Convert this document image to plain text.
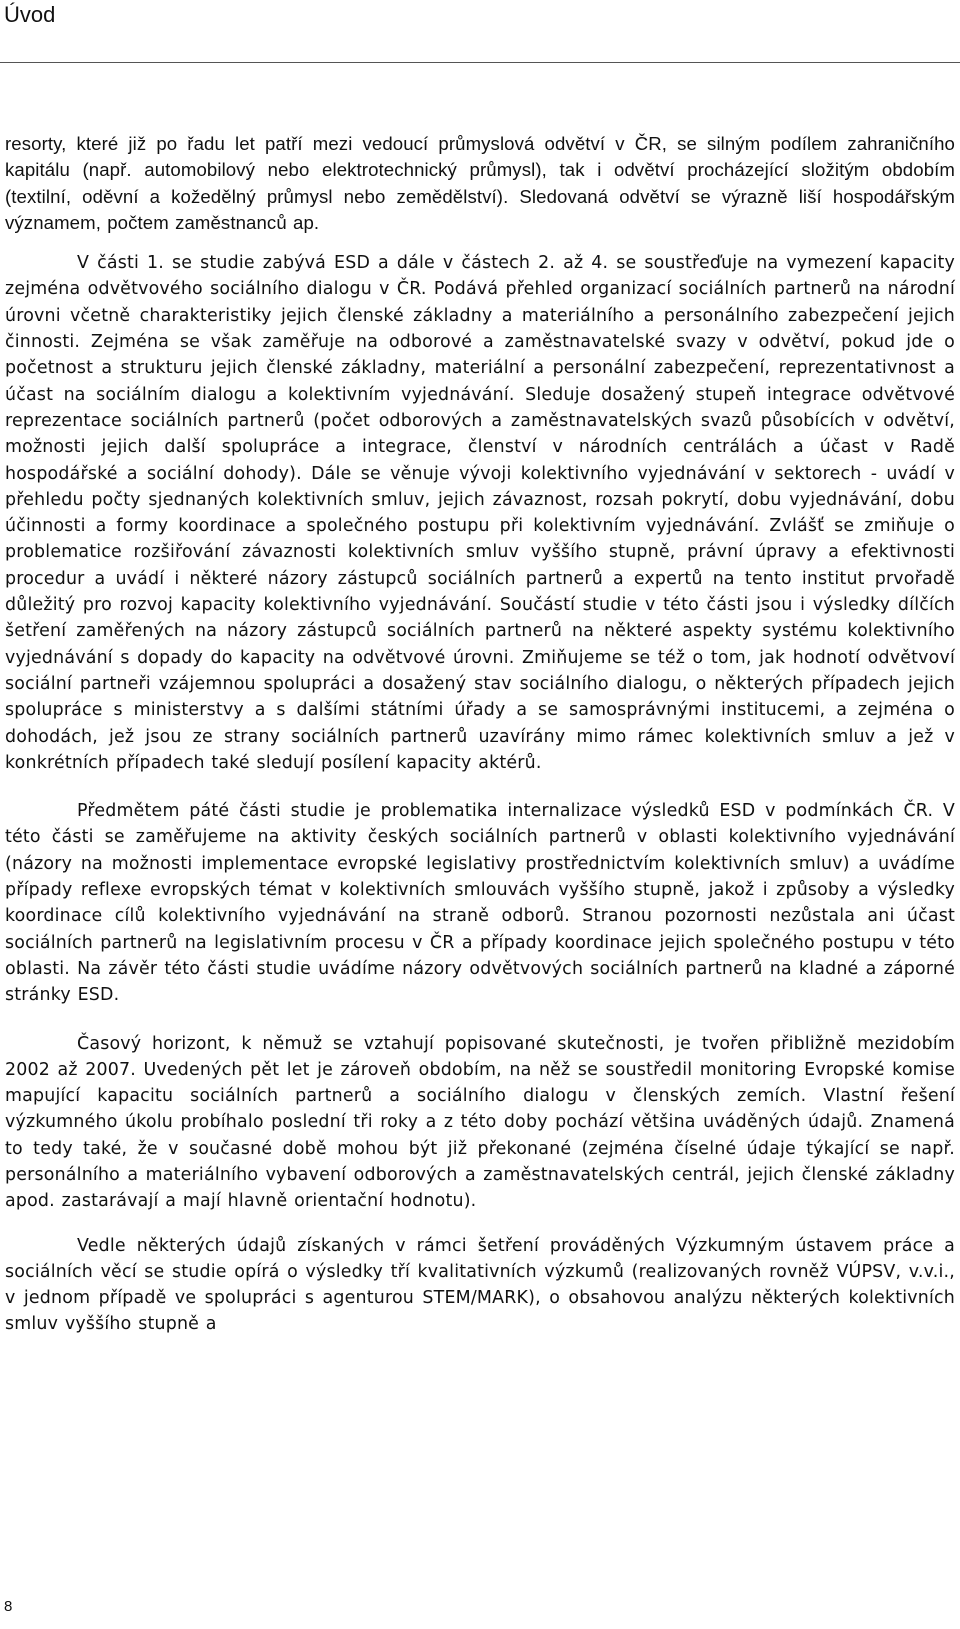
Úvod

resorty, které již po řadu let patří mezi vedoucí průmyslová odvětví v ČR, se silným podílem zahraničního kapitálu (např. automobilový nebo elektrotechnický průmysl), tak i odvětví procházející složitým obdobím (textilní, oděvní a kožedělný průmysl nebo zemědělství). Sledovaná odvětví se výrazně liší hospodářským významem, počtem zaměstnanců ap.

V části 1. se studie zabývá ESD a dále v částech 2. až 4. se soustřeďuje na vymezení kapacity zejména odvětvového sociálního dialogu v ČR. Podává přehled organizací sociálních partnerů na národní úrovni včetně charakteristiky jejich členské základny a materiálního a personálního zabezpečení jejich činnosti. Zejména se však zaměřuje na odborové a zaměstnavatelské svazy v odvětví, pokud jde o početnost a strukturu jejich členské základny, materiální a personální zabezpečení, reprezentativnost a účast na sociálním dialogu a kolektivním vyjednávání. Sleduje dosažený stupeň integrace odvětvové reprezentace sociálních partnerů (počet odborových a zaměstnavatelských svazů působících v odvětví, možnosti jejich další spolupráce a integrace, členství v národních centrálách a účast v Radě hospodářské a sociální dohody). Dále se věnuje vývoji kolektivního vyjednávání v sektorech - uvádí v přehledu počty sjednaných kolektivních smluv, jejich závaznost, rozsah pokrytí, dobu vyjednávání, dobu účinnosti a formy koordinace a společného postupu při kolektivním vyjednávání. Zvlášť se zmiňuje o problematice rozšiřování závaznosti kolektivních smluv vyššího stupně, právní úpravy a efektivnosti procedur a uvádí i některé názory zástupců sociálních partnerů a expertů na tento institut prvořadě důležitý pro rozvoj kapacity kolektivního vyjednávání. Součástí studie v této části jsou i výsledky dílčích šetření zaměřených na názory zástupců sociálních partnerů na některé aspekty systému kolektivního vyjednávání s dopady do kapacity na odvětvové úrovni. Zmiňujeme se též o tom, jak hodnotí odvětvoví sociální partneři vzájemnou spolupráci a dosažený stav sociálního dialogu, o některých případech jejich spolupráce s ministerstvy a s dalšími státními úřady a se samosprávnými institucemi, a zejména o dohodách, jež jsou ze strany sociálních partnerů uzavírány mimo rámec kolektivních smluv a jež v konkrétních případech také sledují posílení kapacity aktérů.

Předmětem páté části studie je problematika internalizace výsledků ESD v podmínkách ČR. V této části se zaměřujeme na aktivity českých sociálních partnerů v oblasti kolektivního vyjednávání (názory na možnosti implementace evropské legislativy prostřednictvím kolektivních smluv) a uvádíme případy reflexe evropských témat v kolektivních smlouvách vyššího stupně, jakož i způsoby a výsledky koordinace cílů kolektivního vyjednávání na straně odborů. Stranou pozornosti nezůstala ani účast sociálních partnerů na legislativním procesu v ČR a případy koordinace jejich společného postupu v této oblasti. Na závěr této části studie uvádíme názory odvětvových sociálních partnerů na kladné a záporné stránky ESD.

Časový horizont, k němuž se vztahují popisované skutečnosti, je tvořen přibližně mezidobím 2002 až 2007. Uvedených pět let je zároveň obdobím, na něž se soustředil monitoring Evropské komise mapující kapacitu sociálních partnerů a sociálního dialogu v členských zemích. Vlastní řešení výzkumného úkolu probíhalo poslední tři roky a z této doby pochází většina uváděných údajů. Znamená to tedy také, že v současné době mohou být již překonané (zejména číselné údaje týkající se např. personálního a materiálního vybavení odborových a zaměstnavatelských centrál, jejich členské základny apod. zastarávají a mají hlavně orientační hodnotu).

Vedle některých údajů získaných v rámci šetření prováděných Výzkumným ústavem práce a sociálních věcí se studie opírá o výsledky tří kvalitativních výzkumů (realizovaných rovněž VÚPSV, v.v.i., v jednom případě ve spolupráci s agenturou STEM/MARK), o obsahovou analýzu některých kolektivních smluv vyššího stupně a

8
